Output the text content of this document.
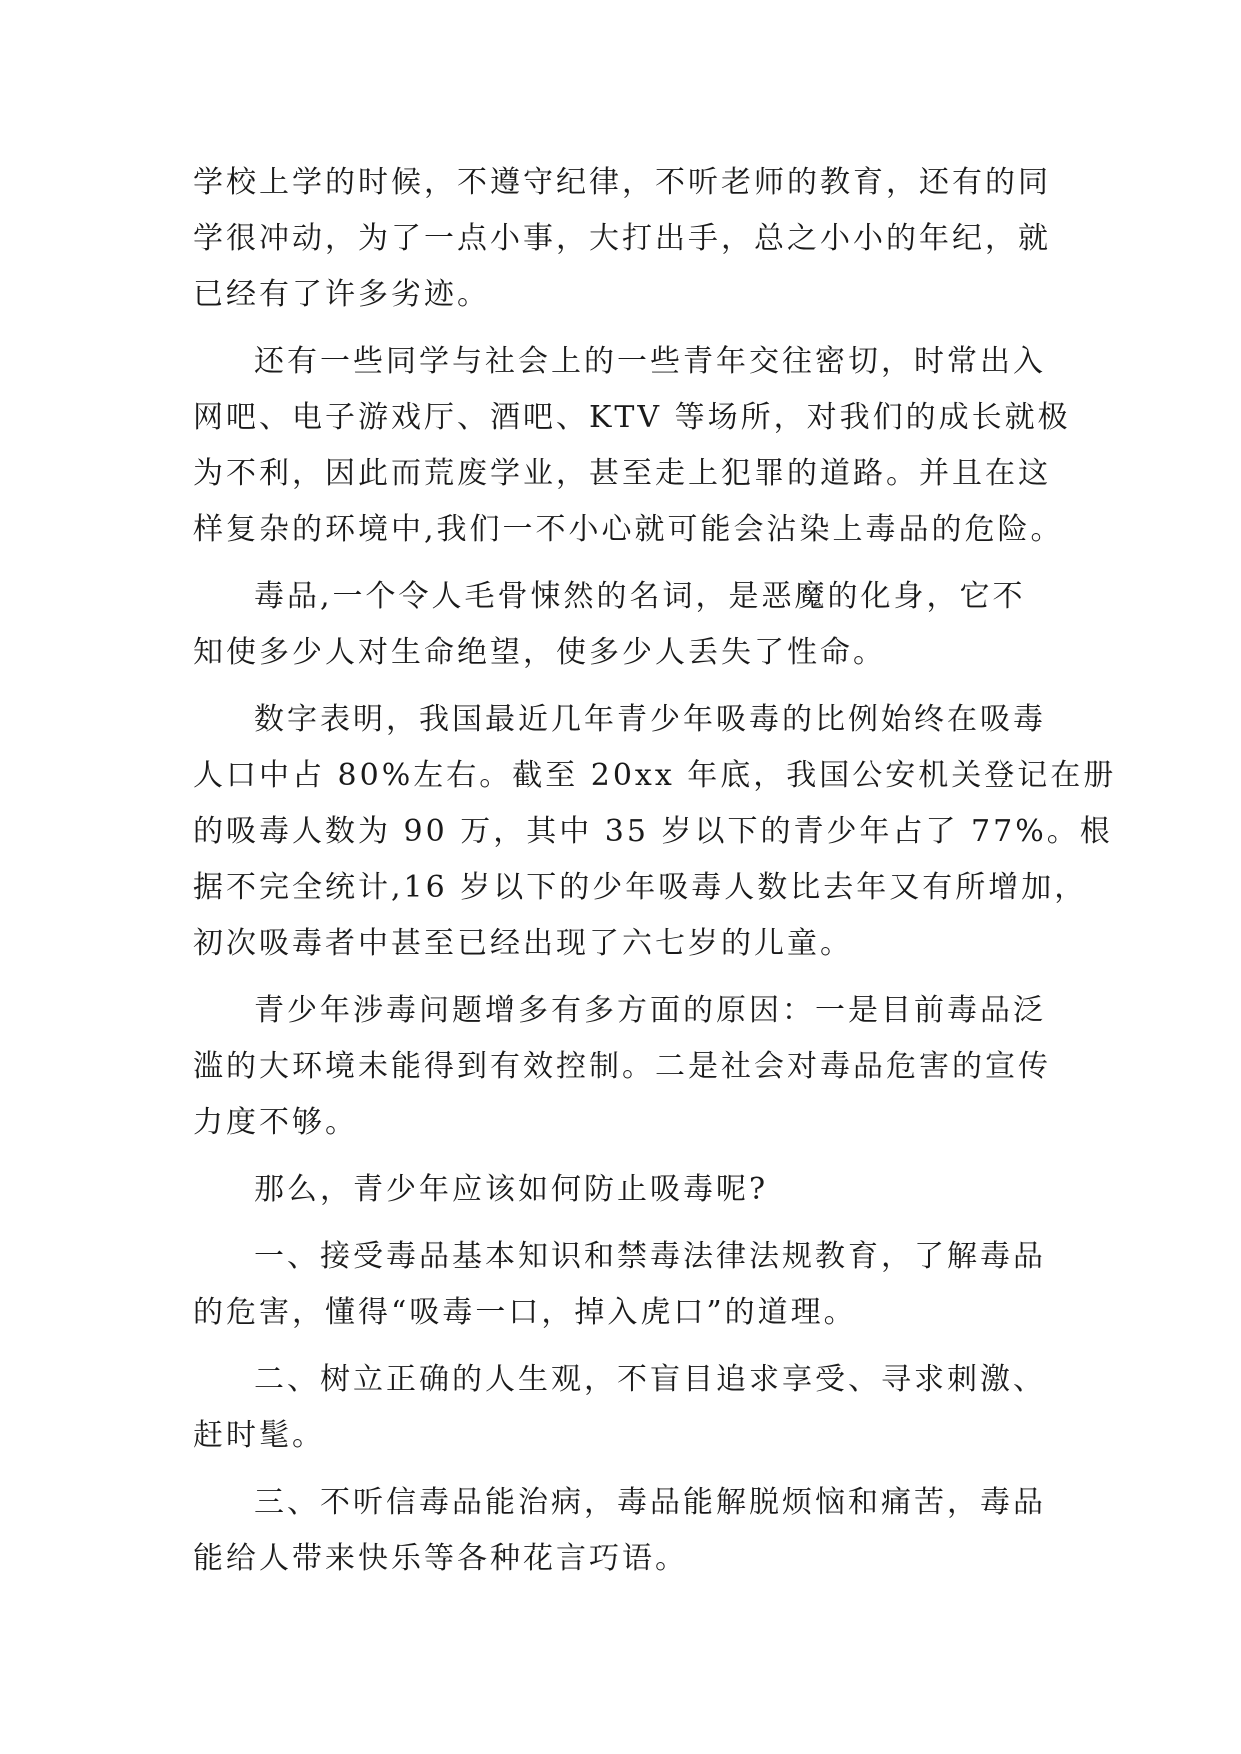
学校上学的时候，不遵守纪律，不听老师的教育，还有的同
学很冲动，为了一点小事，大打出手，总之小小的年纪，就
已经有了许多劣迹。
还有一些同学与社会上的一些青年交往密切，时常出入
网吧、电子游戏厅、酒吧、KTV 等场所，对我们的成长就极
为不利，因此而荒废学业，甚至走上犯罪的道路。并且在这
样复杂的环境中,我们一不小心就可能会沾染上毒品的危险。
毒品,一个令人毛骨悚然的名词，是恶魔的化身，它不
知使多少人对生命绝望，使多少人丢失了性命。
数字表明，我国最近几年青少年吸毒的比例始终在吸毒
人口中占 80%左右。截至 20xx 年底，我国公安机关登记在册
的吸毒人数为 90 万，其中 35 岁以下的青少年占了 77%。根
据不完全统计,16 岁以下的少年吸毒人数比去年又有所增加，
初次吸毒者中甚至已经出现了六七岁的儿童。
青少年涉毒问题增多有多方面的原因：一是目前毒品泛
滥的大环境未能得到有效控制。二是社会对毒品危害的宣传
力度不够。
那么，青少年应该如何防止吸毒呢?
一、接受毒品基本知识和禁毒法律法规教育，了解毒品
的危害，懂得“吸毒一口，掉入虎口”的道理。
二、树立正确的人生观，不盲目追求享受、寻求刺激、
赶时髦。
三、不听信毒品能治病，毒品能解脱烦恼和痛苦，毒品
能给人带来快乐等各种花言巧语。
